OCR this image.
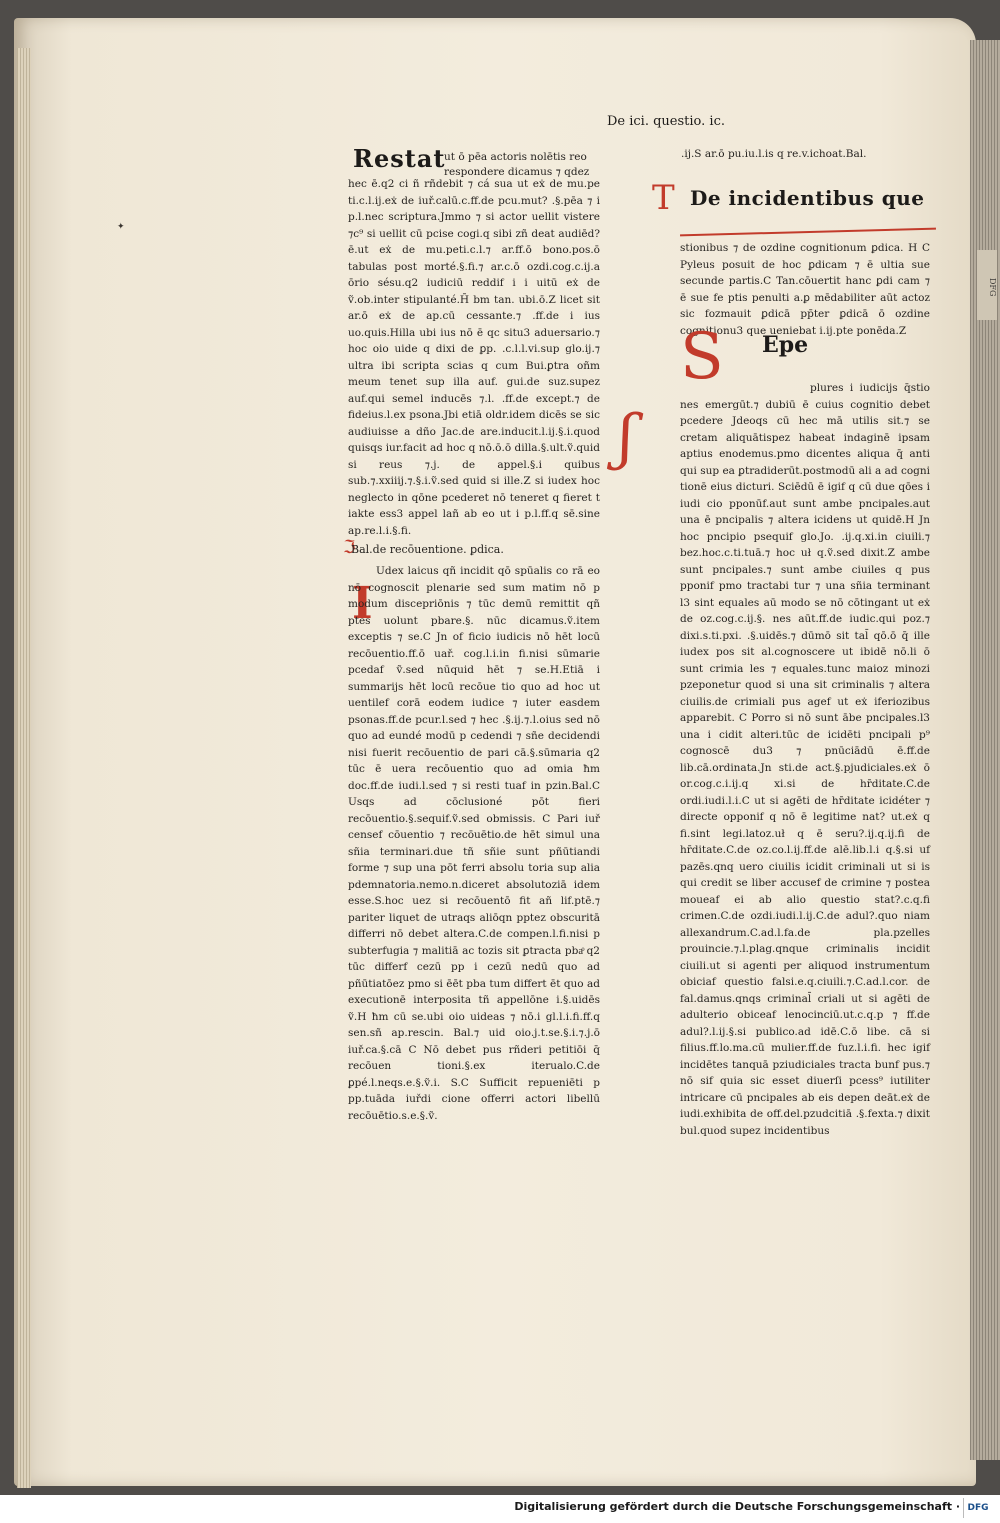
DFG
✦
De ici. questio. ic.
.ij.S ar.ō pu.iu.l.is q re.v.ichoat.Bal.
Restat
ut ō pēa actoris nolētis reo respondere dicamus ⁊ qdez

hec ē.q2 ci ñ rñdebit ⁊ cá sua ut eẋ de mu.pe ti.c.l.ij.eẋ de iuř.calū.c.ff.de pcu.mut? .§.pēa ⁊ i p.l.nec scriptura.Jmmo ⁊ si actor uellit vistere ⁊c⁹ si uellit cū pcise cogi.q sibi zñ deat audiēd? ē.ut eẋ de mu.peti.c.l.⁊ ar.ff.ō bono.pos.ō tabulas post morté.§.fi.⁊ ar.c.ō ozdi.cog.c.ij.a ōrio sésu.q2 iudiciū reddif i i uitū eẋ de ṽ.ob.inter stipulanté.H̄ bm tan. ubi.ō.Z licet sit ar.ō eẋ de ap.cū cessante.⁊ .ff.de i ius uo.quis.Hilla ubi ius nō ē qc situ3 aduersario.⁊ hoc oio uide q dixi de ꝑp. .c.l.l.vi.sup glo.ij.⁊ ultra ibi scripta scias q cum Bui.ꝑtra oñm meum tenet sup illa auf. gui.de suz.supez auf.qui semel inducēs ⁊.l. .ff.de except.⁊ de fideius.l.ex psona.Jbi etiā oldr.idem dicēs se sic audiuisse a dño Jac.de are.inducit.l.ij.§.i.quod quisqs iur.facit ad hoc q nō.ō.ō dilla.§.ult.ṽ.quid si reus ⁊.j. de appel.§.i quibus sub.⁊.xxiiij.⁊.§.i.ṽ.sed quid si ille.Z si iudex hoc neglecto in qōne pcederet nō teneret q fieret t iakte ess3 appel lañ ab eo ut i p.l.ff.q sē.sine ap.re.l.i.§.fi.

ℑ
Bal.de recōuentione. ꝑdica.
I

Udex laicus qñ incidit qō spūalis co rā eo nō cognoscit plenarie sed sum matim nō p modum discepriōnis ⁊ tūc demū remittit qñ ptes uolunt pbare.§. nūc dicamus.ṽ.item exceptis ⁊ se.C Jn of ficio iudicis nō hēt locū recōuentio.ff.ō uař. cog.l.i.in fi.nisi sūmarie pcedaf ṽ.sed nūquid hēt ⁊ se.H.Etiā i summarijs hēt locū recōue tio quo ad hoc ut uentilef corā eodem iudice ⁊ iuter easdem psonas.ff.de pcur.l.sed ⁊ hec .§.ij.⁊.l.oius sed nō quo ad eundé modū p cedendi ⁊ sñe decidendi nisi fuerit recōuentio de pari cā.§.sūmaria q2 tūc ē uera recōuentio quo ad omia ħm doc.ff.de iudi.l.sed ⁊ si resti tuaf in pzin.Bal.C Usqs ad cōclusioné pōt fieri recōuentio.§.sequif.ṽ.sed obmissis. C Pari iuř censef cōuentio ⁊ recōuētio.de hēt simul una sñia terminari.due tñ sñie sunt pñūtiandi forme ⁊ sup una pōt ferri absolu toria sup alia pdemnatoria.nemo.n.diceret absolutoziā idem esse.S.hoc uez si recōuentō fit añ lif.ptē.⁊ pariter liquet de utraqs aliōqn pptez obscuritā differri nō debet altera.C.de compen.l.fi.nisi p subterfugia ⁊ malitiā ac tozis sit ꝑtracta pbaͦ q2 tūc differf cezū pp i cezū nedū quo ad pñūtiatōez pmo si ēēt pba tum differt ēt quo ad executionē interposita tñ appellōne i.§.uidēs ṽ.H ħm cū se.ubi oio uideas ⁊ nō.i gl.l.i.fi.ff.q sen.sñ ap.rescin. Bal.⁊ uid oio.j.t.se.§.i.⁊.j.ō iuř.ca.§.cā C Nō debet pus rñderi petitiōi q̄ recōuen tioni.§.ex iterualo.C.de ꝑpé.l.neqs.e.§.ṽ.i. S.C Sufficit repueniēti p pp.tuāda iuřdi cione offerri actori libellū recōuētio.s.e.§.ṽ.

T De incidentibus que

stionibus ⁊ de ozdine cognitionum ꝑdica. H C Pyleus posuit de hoc ꝑdicam ⁊ ē ultia sue secunde partis.C Tan.cōuertit hanc ꝑdi cam ⁊ ē sue fe ptis penulti a.ꝑ mēdabiliter aūt actoz sic fozmauit ꝑdicā pp̄ter ꝑdicā ō ozdine cognitionu3 que ueniebat i.ij.pte ponēda.Z

S Epe
ʃ

plures i iudicijs q̄stio nes emergūt.⁊ dubiū ē cuius cognitio debet pcedere Jdeoqs cū hec mā utilis sit.⁊ se cretam aliquātispez habeat indaginē ipsam aptius enodemus.pmo dicentes aliqua q̄ anti qui sup ea ꝑtradiderūt.postmodū ali a ad cogni tionē eius dicturi. Sciēdū ē igif q cū due qōes i iudi cio pponūf.aut sunt ambe pncipales.aut una ē pncipalis ⁊ altera icidens ut quidē.H Jn hoc pncipio psequif glo.Jo. .ij.q.xi.in ciuili.⁊ bez.hoc.c.ti.tuā.⁊ hoc uł q.ṽ.sed dixit.Z ambe sunt pncipales.⁊ sunt ambe ciuiles q pus pponif pmo tractabi tur ⁊ una sñia terminant l3 sint equales aū modo se nō cōtingant ut eẋ de oz.cog.c.ij.§. nes aūt.ff.de iudic.qui poz.⁊ dixi.s.ti.pxi. .§.uidēs.⁊ dūmō sit tal̄ qō.ō q̄ ille iudex pos sit al.cognoscere ut ibidē nō.li ō sunt crimia les ⁊ equales.tunc maioz minozi pzeponetur quod si una sit criminalis ⁊ altera ciuilis.de crimiali pus agef ut eẋ iferiozibus apparebit. C Porro si nō sunt ābe pncipales.l3 una i cidit alteri.tūc de icidēti pncipali p⁹ cognoscē du3 ⁊ pnūciādū ē.ff.de lib.cā.ordinata.Jn sti.de act.§.pjudiciales.eẋ ō or.cog.c.i.ij.q xi.si de hr̄ditate.C.de ordi.iudi.l.i.C ut si agēti de hr̄ditate icidéter ⁊ directe opponif q nō ē legitime nat? ut.eẋ q fi.sint legi.latoz.uł q ē seru?.ij.q.ij.fi de hr̄ditate.C.de oz.co.l.ij.ff.de alē.lib.l.i q.§.si uf pazēs.qnq uero ciuilis icidit criminali ut si is qui credit se liber accusef de crimine ⁊ postea moueaf ei ab alio questio stat?.c.q.fi crimen.C.de ozdi.iudi.l.ij.C.de adul?.quo niam allexandrum.C.ad.l.fa.de pla.pzelles prouincie.⁊.l.plag.qnque criminalis incidit ciuili.ut si agenti per aliquod instrumentum obiciaf questio falsi.e.q.ciuili.⁊.C.ad.l.cor. de fal.damus.qnqs criminal̄ criali ut si agēti de adulterio obiceaf lenocinciū.ut.c.q.p ⁊ ff.de adul?.l.ij.§.si publico.ad idē.C.ō libe. cā si filius.ff.lo.ma.cū mulier.ff.de fuz.l.i.fi. hec igif incidētes tanquā pziudiciales tracta bunf pus.⁊ nō sif quia sic esset diuerſi pcess⁹ iutiliter intricare cū pncipales ab eis depen deāt.eẋ de iudi.exhibita de off.del.pzudcitiā .§.fexta.⁊ dixit bul.quod supez incidentibus

Digitalisierung gefördert durch die Deutsche Forschungsgemeinschaft · DFG
